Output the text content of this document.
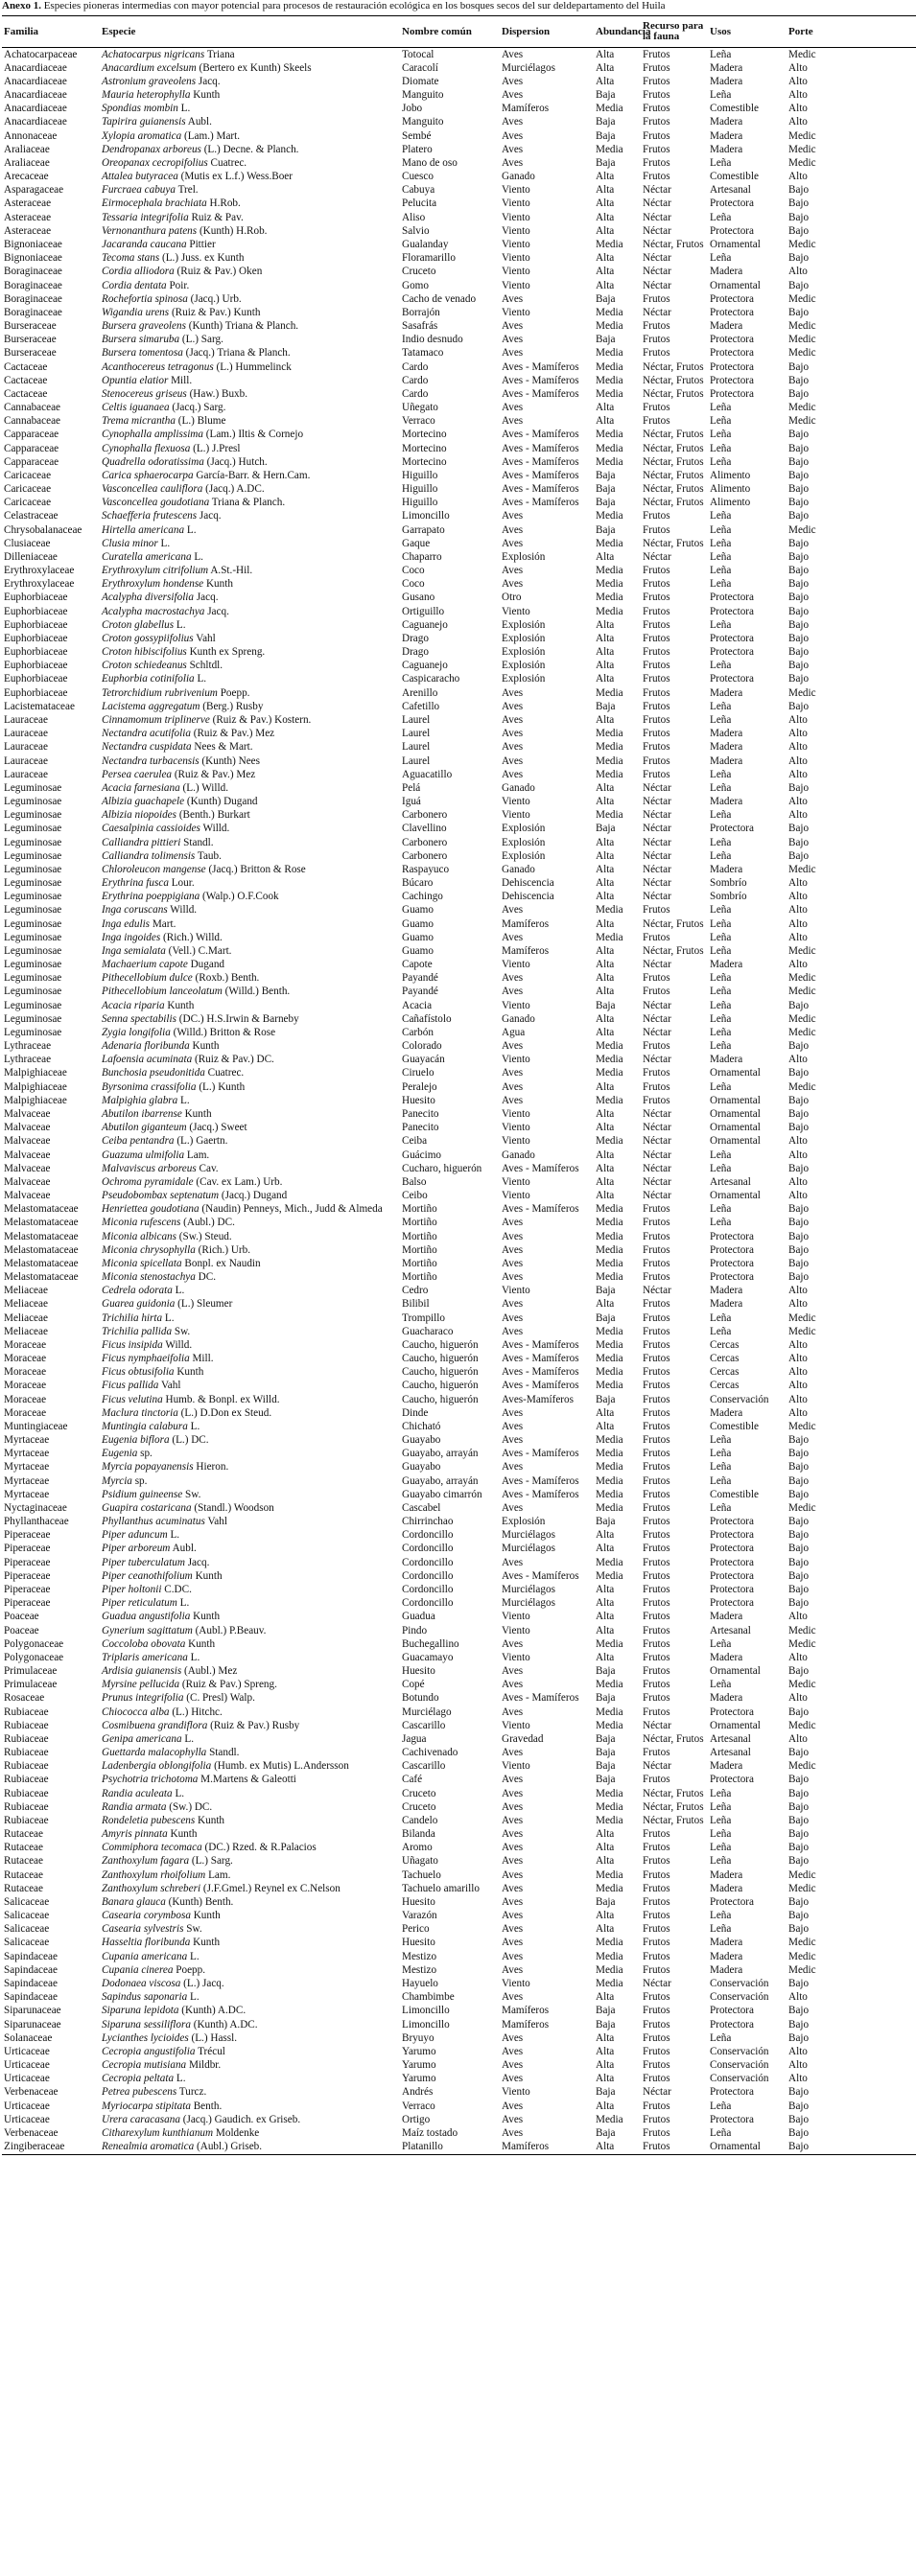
Anexo 1. Especies pioneras intermedias con mayor potencial para procesos de restauración ecológica en los bosques secos del sur deldepartamento del Huila
Familia	Especie	Nombre común	Dispersion	Abundancia	Recurso para la fauna	Usos	Porte
Achatocarpaceae	Achatocarpus nigricans Triana	Totocal	Aves	Alta	Frutos	Leña	Medic
Anacardiaceae	Anacardium excelsum (Bertero ex Kunth) Skeels	Caracolí	Murciélagos	Alta	Frutos	Madera	Alto
Anacardiaceae	Astronium graveolens Jacq.	Diomate	Aves	Alta	Frutos	Madera	Alto
Anacardiaceae	Mauria heterophylla Kunth	Manguito	Aves	Baja	Frutos	Leña	Alto
Anacardiaceae	Spondias mombin L.	Jobo	Mamíferos	Media	Frutos	Comestible	Alto
Anacardiaceae	Tapirira guianensis Aubl.	Manguito	Aves	Baja	Frutos	Madera	Alto
Annonaceae	Xylopia aromatica (Lam.) Mart.	Sembé	Aves	Baja	Frutos	Madera	Medic
Araliaceae	Dendropanax arboreus (L.) Decne. & Planch.	Platero	Aves	Media	Frutos	Madera	Medic
Araliaceae	Oreopanax cecropifolius Cuatrec.	Mano de oso	Aves	Baja	Frutos	Leña	Medic
Arecaceae	Attalea butyracea (Mutis ex L.f.) Wess.Boer	Cuesco	Ganado	Alta	Frutos	Comestible	Alto
Asparagaceae	Furcraea cabuya Trel.	Cabuya	Viento	Alta	Néctar	Artesanal	Bajo
Asteraceae	Eirmocephala brachiata H.Rob.	Pelucita	Viento	Alta	Néctar	Protectora	Bajo
Asteraceae	Tessaria integrifolia Ruiz & Pav.	Aliso	Viento	Alta	Néctar	Leña	Bajo
Asteraceae	Vernonanthura patens (Kunth) H.Rob.	Salvio	Viento	Alta	Néctar	Protectora	Bajo
Bignoniaceae	Jacaranda caucana Pittier	Gualanday	Viento	Media	Néctar, Frutos	Ornamental	Medic
Bignoniaceae	Tecoma stans (L.) Juss. ex Kunth	Floramarillo	Viento	Alta	Néctar	Leña	Bajo
Boraginaceae	Cordia alliodora (Ruiz & Pav.) Oken	Cruceto	Viento	Alta	Néctar	Madera	Alto
Boraginaceae	Cordia dentata Poir.	Gomo	Viento	Alta	Néctar	Ornamental	Bajo
Boraginaceae	Rochefortia spinosa (Jacq.) Urb.	Cacho de venado	Aves	Baja	Frutos	Protectora	Medic
Boraginaceae	Wigandia urens (Ruiz & Pav.) Kunth	Borrajón	Viento	Media	Néctar	Protectora	Bajo
Burseraceae	Bursera graveolens (Kunth) Triana & Planch.	Sasafrás	Aves	Media	Frutos	Madera	Medic
Burseraceae	Bursera simaruba (L.) Sarg.	Indio desnudo	Aves	Baja	Frutos	Protectora	Medic
Burseraceae	Bursera tomentosa (Jacq.) Triana & Planch.	Tatamaco	Aves	Media	Frutos	Protectora	Medic
Cactaceae	Acanthocereus tetragonus (L.) Hummelinck	Cardo	Aves - Mamíferos	Media	Néctar, Frutos	Protectora	Bajo
Cactaceae	Opuntia elatior Mill.	Cardo	Aves - Mamíferos	Media	Néctar, Frutos	Protectora	Bajo
Cactaceae	Stenocereus griseus (Haw.) Buxb.	Cardo	Aves - Mamíferos	Media	Néctar, Frutos	Protectora	Bajo
Cannabaceae	Celtis iguanaea (Jacq.) Sarg.	Uñegato	Aves	Alta	Frutos	Leña	Medic
Cannabaceae	Trema micrantha (L.) Blume	Verraco	Aves	Alta	Frutos	Leña	Medic
Capparaceae	Cynophalla amplissima (Lam.) Iltis & Cornejo	Mortecino	Aves - Mamíferos	Media	Néctar, Frutos	Leña	Bajo
Capparaceae	Cynophalla flexuosa (L.) J.Presl	Mortecino	Aves - Mamíferos	Media	Néctar, Frutos	Leña	Bajo
Capparaceae	Quadrella odoratissima (Jacq.) Hutch.	Mortecino	Aves - Mamíferos	Media	Néctar, Frutos	Leña	Bajo
Caricaceae	Carica sphaerocarpa García-Barr. & Hern.Cam.	Higuillo	Aves - Mamíferos	Baja	Néctar, Frutos	Alimento	Bajo
Caricaceae	Vasconcellea cauliflora (Jacq.) A.DC.	Higuillo	Aves - Mamíferos	Baja	Néctar, Frutos	Alimento	Bajo
Caricaceae	Vasconcellea goudotiana Triana & Planch.	Higuillo	Aves - Mamíferos	Baja	Néctar, Frutos	Alimento	Bajo
Celastraceae	Schaefferia frutescens Jacq.	Limoncillo	Aves	Media	Frutos	Leña	Bajo
Chrysobalanaceae	Hirtella americana L.	Garrapato	Aves	Baja	Frutos	Leña	Medic
Clusiaceae	Clusia minor L.	Gaque	Aves	Media	Néctar, Frutos	Leña	Bajo
Dilleniaceae	Curatella americana L.	Chaparro	Explosión	Alta	Néctar	Leña	Bajo
Erythroxylaceae	Erythroxylum citrifolium A.St.-Hil.	Coco	Aves	Media	Frutos	Leña	Bajo
Erythroxylaceae	Erythroxylum hondense Kunth	Coco	Aves	Media	Frutos	Leña	Bajo
Euphorbiaceae	Acalypha diversifolia Jacq.	Gusano	Otro	Media	Frutos	Protectora	Bajo
Euphorbiaceae	Acalypha macrostachya Jacq.	Ortiguillo	Viento	Media	Frutos	Protectora	Bajo
Euphorbiaceae	Croton glabellus L.	Caguanejo	Explosión	Alta	Frutos	Leña	Bajo
Euphorbiaceae	Croton gossypiifolius Vahl	Drago	Explosión	Alta	Frutos	Protectora	Bajo
Euphorbiaceae	Croton hibiscifolius Kunth ex Spreng.	Drago	Explosión	Alta	Frutos	Protectora	Bajo
Euphorbiaceae	Croton schiedeanus Schltdl.	Caguanejo	Explosión	Alta	Frutos	Leña	Bajo
Euphorbiaceae	Euphorbia cotinifolia L.	Caspicaracho	Explosión	Alta	Frutos	Protectora	Bajo
Euphorbiaceae	Tetrorchidium rubrivenium Poepp.	Arenillo	Aves	Media	Frutos	Madera	Medic
Lacistemataceae	Lacistema aggregatum (Berg.) Rusby	Cafetillo	Aves	Baja	Frutos	Leña	Bajo
Lauraceae	Cinnamomum triplinerve (Ruiz & Pav.) Kostern.	Laurel	Aves	Alta	Frutos	Leña	Alto
Lauraceae	Nectandra acutifolia (Ruiz & Pav.) Mez	Laurel	Aves	Media	Frutos	Madera	Alto
Lauraceae	Nectandra cuspidata Nees & Mart.	Laurel	Aves	Media	Frutos	Madera	Alto
Lauraceae	Nectandra turbacensis (Kunth) Nees	Laurel	Aves	Media	Frutos	Madera	Alto
Lauraceae	Persea caerulea (Ruiz & Pav.) Mez	Aguacatillo	Aves	Media	Frutos	Leña	Alto
Leguminosae	Acacia farnesiana (L.) Willd.	Pelá	Ganado	Alta	Néctar	Leña	Bajo
Leguminosae	Albizia guachapele (Kunth) Dugand	Iguá	Viento	Alta	Néctar	Madera	Alto
Leguminosae	Albizia niopoides (Benth.) Burkart	Carbonero	Viento	Media	Néctar	Leña	Alto
Leguminosae	Caesalpinia cassioides Willd.	Clavellino	Explosión	Baja	Néctar	Protectora	Bajo
Leguminosae	Calliandra pittieri Standl.	Carbonero	Explosión	Alta	Néctar	Leña	Bajo
Leguminosae	Calliandra tolimensis Taub.	Carbonero	Explosión	Alta	Néctar	Leña	Bajo
Leguminosae	Chloroleucon mangense (Jacq.) Britton & Rose	Raspayuco	Ganado	Alta	Néctar	Madera	Medic
Leguminosae	Erythrina fusca Lour.	Búcaro	Dehiscencia	Alta	Néctar	Sombrío	Alto
Leguminosae	Erythrina poeppigiana (Walp.) O.F.Cook	Cachingo	Dehiscencia	Alta	Néctar	Sombrío	Alto
Leguminosae	Inga coruscans Willd.	Guamo	Aves	Media	Frutos	Leña	Alto
Leguminosae	Inga edulis Mart.	Guamo	Mamíferos	Alta	Néctar, Frutos	Leña	Alto
Leguminosae	Inga ingoides (Rich.) Willd.	Guamo	Aves	Media	Frutos	Leña	Alto
Leguminosae	Inga semialata (Vell.) C.Mart.	Guamo	Mamíferos	Alta	Néctar, Frutos	Leña	Medic
Leguminosae	Machaerium capote Dugand	Capote	Viento	Alta	Néctar	Madera	Alto
Leguminosae	Pithecellobium dulce (Roxb.) Benth.	Payandé	Aves	Alta	Frutos	Leña	Medic
Leguminosae	Pithecellobium lanceolatum (Willd.) Benth.	Payandé	Aves	Alta	Frutos	Leña	Medic
Leguminosae	Acacia riparia Kunth	Acacia	Viento	Baja	Néctar	Leña	Bajo
Leguminosae	Senna spectabilis (DC.) H.S.Irwin & Barneby	Cañafístolo	Ganado	Alta	Néctar	Leña	Medic
Leguminosae	Zygia longifolia (Willd.) Britton & Rose	Carbón	Agua	Alta	Néctar	Leña	Medic
Lythraceae	Adenaria floribunda Kunth	Colorado	Aves	Media	Frutos	Leña	Bajo
Lythraceae	Lafoensia acuminata (Ruiz & Pav.) DC.	Guayacán	Viento	Media	Néctar	Madera	Alto
Malpighiaceae	Bunchosia pseudonitida Cuatrec.	Ciruelo	Aves	Media	Frutos	Ornamental	Bajo
Malpighiaceae	Byrsonima crassifolia (L.) Kunth	Peralejo	Aves	Alta	Frutos	Leña	Medic
Malpighiaceae	Malpighia glabra L.	Huesito	Aves	Media	Frutos	Ornamental	Bajo
Malvaceae	Abutilon ibarrense Kunth	Panecito	Viento	Alta	Néctar	Ornamental	Bajo
Malvaceae	Abutilon giganteum (Jacq.) Sweet	Panecito	Viento	Alta	Néctar	Ornamental	Bajo
Malvaceae	Ceiba pentandra (L.) Gaertn.	Ceiba	Viento	Media	Néctar	Ornamental	Alto
Malvaceae	Guazuma ulmifolia Lam.	Guácimo	Ganado	Alta	Néctar	Leña	Alto
Malvaceae	Malvaviscus arboreus Cav.	Cucharo, higuerón	Aves - Mamíferos	Alta	Néctar	Leña	Bajo
Malvaceae	Ochroma pyramidale (Cav. ex Lam.) Urb.	Balso	Viento	Alta	Néctar	Artesanal	Alto
Malvaceae	Pseudobombax septenatum (Jacq.) Dugand	Ceibo	Viento	Alta	Néctar	Ornamental	Alto
Melastomataceae	Henriettea goudotiana (Naudin) Penneys, Mich., Judd & Almeda	Mortiño	Aves - Mamíferos	Media	Frutos	Leña	Bajo
Melastomataceae	Miconia rufescens (Aubl.) DC.	Mortiño	Aves	Media	Frutos	Leña	Bajo
Melastomataceae	Miconia albicans (Sw.) Steud.	Mortiño	Aves	Media	Frutos	Protectora	Bajo
Melastomataceae	Miconia chrysophylla (Rich.) Urb.	Mortiño	Aves	Media	Frutos	Protectora	Bajo
Melastomataceae	Miconia spicellata Bonpl. ex Naudin	Mortiño	Aves	Media	Frutos	Protectora	Bajo
Melastomataceae	Miconia stenostachya DC.	Mortiño	Aves	Media	Frutos	Protectora	Bajo
Meliaceae	Cedrela odorata L.	Cedro	Viento	Baja	Néctar	Madera	Alto
Meliaceae	Guarea guidonia (L.) Sleumer	Bilibil	Aves	Alta	Frutos	Madera	Alto
Meliaceae	Trichilia hirta L.	Trompillo	Aves	Baja	Frutos	Leña	Medic
Meliaceae	Trichilia pallida Sw.	Guacharaco	Aves	Media	Frutos	Leña	Medic
Moraceae	Ficus insipida Willd.	Caucho, higuerón	Aves - Mamíferos	Media	Frutos	Cercas	Alto
Moraceae	Ficus nymphaeifolia Mill.	Caucho, higuerón	Aves - Mamíferos	Media	Frutos	Cercas	Alto
Moraceae	Ficus obtusifolia Kunth	Caucho, higuerón	Aves - Mamíferos	Media	Frutos	Cercas	Alto
Moraceae	Ficus pallida Vahl	Caucho, higuerón	Aves - Mamíferos	Media	Frutos	Cercas	Alto
Moraceae	Ficus velutina Humb. & Bonpl. ex Willd.	Caucho, higuerón	Aves-Mamíferos	Baja	Frutos	Conservación	Alto
Moraceae	Maclura tinctoria (L.) D.Don ex Steud.	Dinde	Aves	Alta	Frutos	Madera	Alto
Muntingiaceae	Muntingia calabura L.	Chicható	Aves	Alta	Frutos	Comestible	Medic
Myrtaceae	Eugenia biflora (L.) DC.	Guayabo	Aves	Media	Frutos	Leña	Bajo
Myrtaceae	Eugenia sp.	Guayabo, arrayán	Aves - Mamíferos	Media	Frutos	Leña	Bajo
Myrtaceae	Myrcia popayanensis Hieron.	Guayabo	Aves	Media	Frutos	Leña	Bajo
Myrtaceae	Myrcia sp.	Guayabo, arrayán	Aves - Mamíferos	Media	Frutos	Leña	Bajo
Myrtaceae	Psidium guineense Sw.	Guayabo cimarrón	Aves - Mamíferos	Media	Frutos	Comestible	Bajo
Nyctaginaceae	Guapira costaricana (Standl.) Woodson	Cascabel	Aves	Media	Frutos	Leña	Medic
Phyllanthaceae	Phyllanthus acuminatus Vahl	Chirrinchao	Explosión	Baja	Frutos	Protectora	Bajo
Piperaceae	Piper aduncum L.	Cordoncillo	Murciélagos	Alta	Frutos	Protectora	Bajo
Piperaceae	Piper arboreum Aubl.	Cordoncillo	Murciélagos	Alta	Frutos	Protectora	Bajo
Piperaceae	Piper tuberculatum Jacq.	Cordoncillo	Aves	Media	Frutos	Protectora	Bajo
Piperaceae	Piper ceanothifolium Kunth	Cordoncillo	Aves - Mamíferos	Media	Frutos	Protectora	Bajo
Piperaceae	Piper holtonii C.DC.	Cordoncillo	Murciélagos	Alta	Frutos	Protectora	Bajo
Piperaceae	Piper reticulatum L.	Cordoncillo	Murciélagos	Alta	Frutos	Protectora	Bajo
Poaceae	Guadua angustifolia Kunth	Guadua	Viento	Alta	Frutos	Madera	Alto
Poaceae	Gynerium sagittatum (Aubl.) P.Beauv.	Pindo	Viento	Alta	Frutos	Artesanal	Medic
Polygonaceae	Coccoloba obovata Kunth	Buchegallino	Aves	Media	Frutos	Leña	Medic
Polygonaceae	Triplaris americana L.	Guacamayo	Viento	Alta	Frutos	Madera	Alto
Primulaceae	Ardisia guianensis (Aubl.) Mez	Huesito	Aves	Baja	Frutos	Ornamental	Bajo
Primulaceae	Myrsine pellucida (Ruiz & Pav.) Spreng.	Copé	Aves	Media	Frutos	Leña	Medic
Rosaceae	Prunus integrifolia (C. Presl) Walp.	Botundo	Aves - Mamíferos	Baja	Frutos	Madera	Alto
Rubiaceae	Chiococca alba (L.) Hitchc.	Murciélago	Aves	Media	Frutos	Protectora	Bajo
Rubiaceae	Cosmibuena grandiflora (Ruiz & Pav.) Rusby	Cascarillo	Viento	Media	Néctar	Ornamental	Medic
Rubiaceae	Genipa americana L.	Jagua	Gravedad	Baja	Néctar, Frutos	Artesanal	Alto
Rubiaceae	Guettarda malacophylla Standl.	Cachivenado	Aves	Baja	Frutos	Artesanal	Bajo
Rubiaceae	Ladenbergia oblongifolia (Humb. ex Mutis) L.Andersson	Cascarillo	Viento	Baja	Néctar	Madera	Medic
Rubiaceae	Psychotria trichotoma M.Martens & Galeotti	Café	Aves	Baja	Frutos	Protectora	Bajo
Rubiaceae	Randia aculeata L.	Cruceto	Aves	Media	Néctar, Frutos	Leña	Bajo
Rubiaceae	Randia armata (Sw.) DC.	Cruceto	Aves	Media	Néctar, Frutos	Leña	Bajo
Rubiaceae	Rondeletia pubescens Kunth	Candelo	Aves	Media	Néctar, Frutos	Leña	Bajo
Rutaceae	Amyris pinnata Kunth	Bilanda	Aves	Alta	Frutos	Leña	Bajo
Rutaceae	Commiphora tecomaca (DC.) Rzed. & R.Palacios	Aromo	Aves	Alta	Frutos	Leña	Bajo
Rutaceae	Zanthoxylum fagara (L.) Sarg.	Uñagato	Aves	Alta	Frutos	Leña	Bajo
Rutaceae	Zanthoxylum rhoifolium Lam.	Tachuelo	Aves	Media	Frutos	Madera	Medic
Rutaceae	Zanthoxylum schreberi (J.F.Gmel.) Reynel ex C.Nelson	Tachuelo amarillo	Aves	Media	Frutos	Madera	Medic
Salicaceae	Banara glauca (Kunth) Benth.	Huesito	Aves	Baja	Frutos	Protectora	Bajo
Salicaceae	Casearia corymbosa Kunth	Varazón	Aves	Alta	Frutos	Leña	Bajo
Salicaceae	Casearia sylvestris Sw.	Perico	Aves	Alta	Frutos	Leña	Bajo
Salicaceae	Hasseltia floribunda Kunth	Huesito	Aves	Media	Frutos	Madera	Medic
Sapindaceae	Cupania americana L.	Mestizo	Aves	Media	Frutos	Madera	Medic
Sapindaceae	Cupania cinerea Poepp.	Mestizo	Aves	Media	Frutos	Madera	Medic
Sapindaceae	Dodonaea viscosa (L.) Jacq.	Hayuelo	Viento	Media	Néctar	Conservación	Bajo
Sapindaceae	Sapindus saponaria L.	Chambimbe	Aves	Alta	Frutos	Conservación	Alto
Siparunaceae	Siparuna lepidota (Kunth) A.DC.	Limoncillo	Mamíferos	Baja	Frutos	Protectora	Bajo
Siparunaceae	Siparuna sessiliflora (Kunth) A.DC.	Limoncillo	Mamíferos	Baja	Frutos	Protectora	Bajo
Solanaceae	Lycianthes lycioides (L.) Hassl.	Bryuyo	Aves	Alta	Frutos	Leña	Bajo
Urticaceae	Cecropia angustifolia Trécul	Yarumo	Aves	Alta	Frutos	Conservación	Alto
Urticaceae	Cecropia mutisiana Mildbr.	Yarumo	Aves	Alta	Frutos	Conservación	Alto
Urticaceae	Cecropia peltata L.	Yarumo	Aves	Alta	Frutos	Conservación	Alto
Verbenaceae	Petrea pubescens Turcz.	Andrés	Viento	Baja	Néctar	Protectora	Bajo
Urticaceae	Myriocarpa stipitata Benth.	Verraco	Aves	Alta	Frutos	Leña	Bajo
Urticaceae	Urera caracasana (Jacq.) Gaudich. ex Griseb.	Ortigo	Aves	Media	Frutos	Protectora	Bajo
Verbenaceae	Citharexylum kunthianum Moldenke	Maíz tostado	Aves	Baja	Frutos	Leña	Bajo
Zingiberaceae	Renealmia aromatica (Aubl.) Griseb.	Platanillo	Mamíferos	Alta	Frutos	Ornamental	Bajo
